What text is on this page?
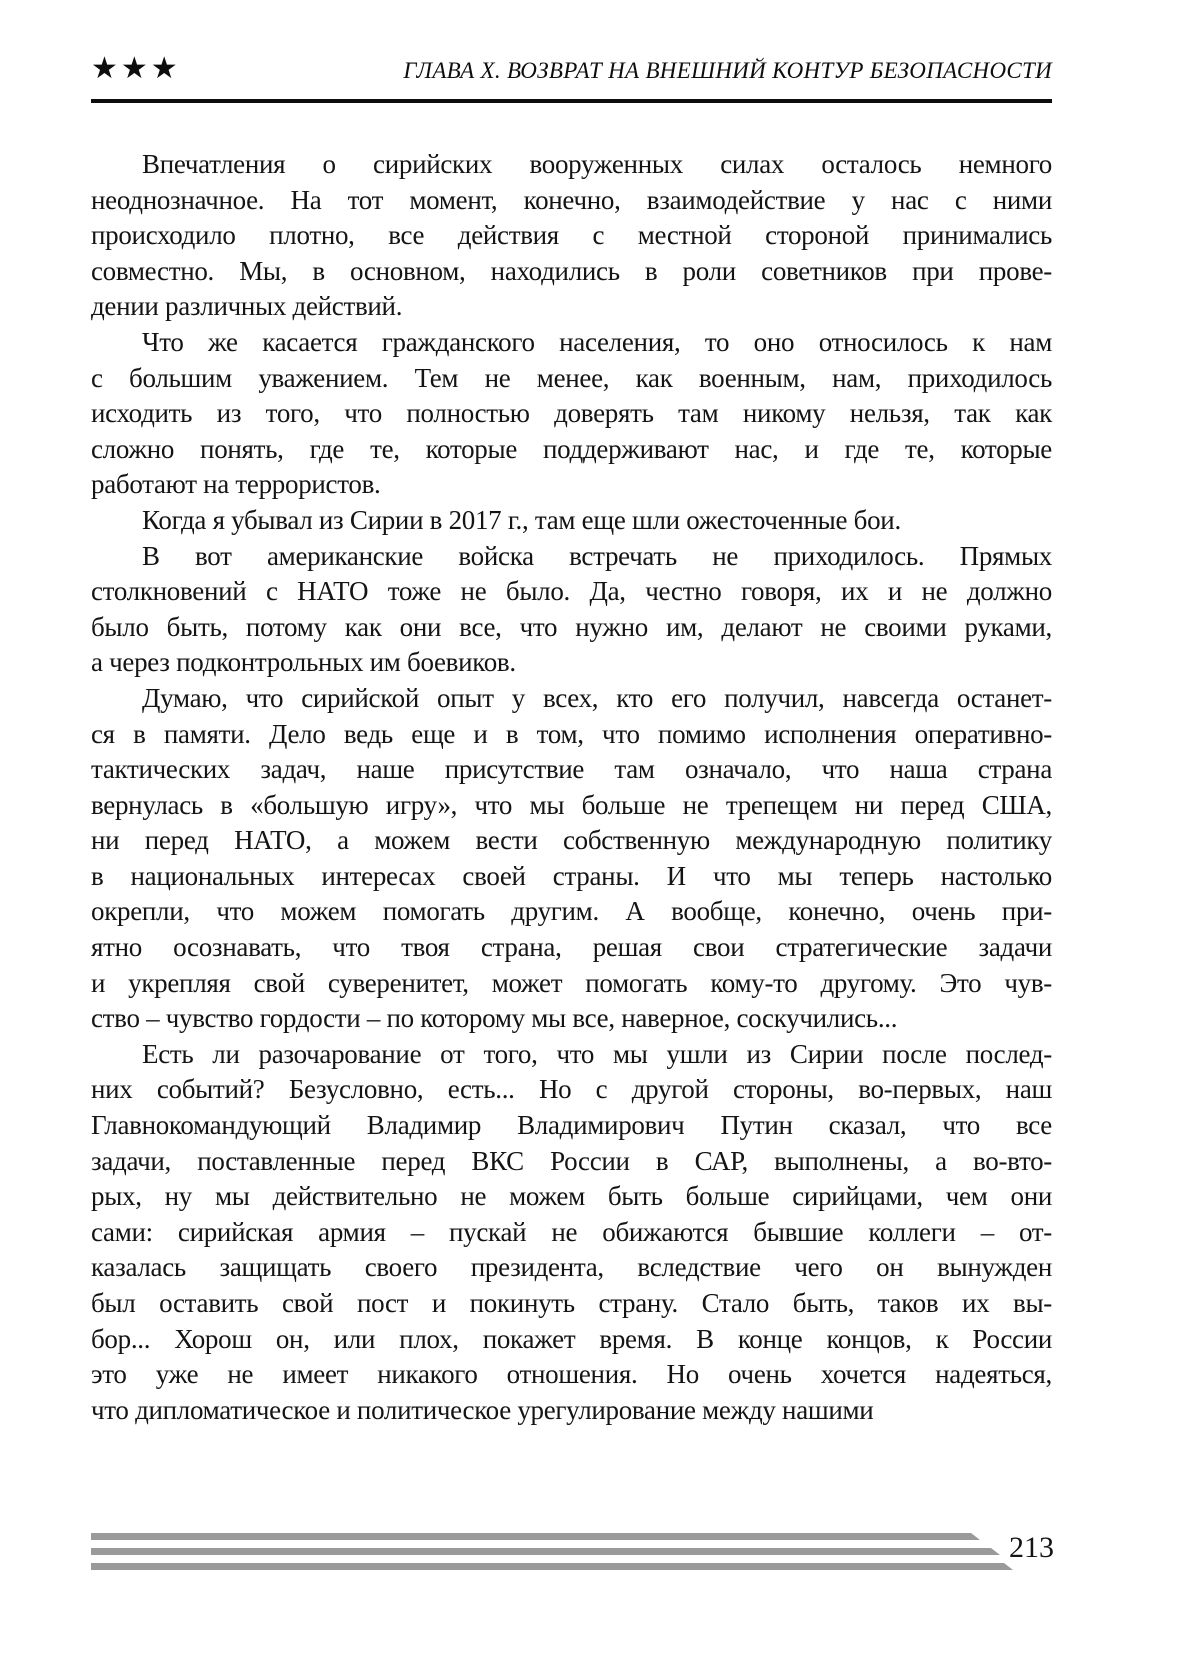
★★★	ГЛАВА X. ВОЗВРАТ НА ВНЕШНИЙ КОНТУР БЕЗОПАСНОСТИ
Впечатления о сирийских вооруженных силах осталось немного
неоднозначное. На тот момент, конечно, взаимодействие у нас с ними
происходило плотно, все действия с местной стороной принимались
совместно. Мы, в основном, находились в роли советников при прове-
дении различных действий.
Что же касается гражданского населения, то оно относилось к нам
с большим уважением. Тем не менее, как военным, нам, приходилось
исходить из того, что полностью доверять там никому нельзя, так как
сложно понять, где те, которые поддерживают нас, и где те, которые
работают на террористов.
Когда я убывал из Сирии в 2017 г., там еще шли ожесточенные бои.
В вот американские войска встречать не приходилось. Прямых
столкновений с НАТО тоже не было. Да, честно говоря, их и не должно
было быть, потому как они все, что нужно им, делают не своими руками,
а через подконтрольных им боевиков.
Думаю, что сирийской опыт у всех, кто его получил, навсегда останет-
ся в памяти. Дело ведь еще и в том, что помимо исполнения оперативно-
тактических задач, наше присутствие там означало, что наша страна
вернулась в «большую игру», что мы больше не трепещем ни перед США,
ни перед НАТО, а можем вести собственную международную политику
в национальных интересах своей страны. И что мы теперь настолько
окрепли, что можем помогать другим. А вообще, конечно, очень при-
ятно осознавать, что твоя страна, решая свои стратегические задачи
и укрепляя свой суверенитет, может помогать кому-то другому. Это чув-
ство – чувство гордости – по которому мы все, наверное, соскучились...
Есть ли разочарование от того, что мы ушли из Сирии после послед-
них событий? Безусловно, есть... Но с другой стороны, во-первых, наш
Главнокомандующий Владимир Владимирович Путин сказал, что все
задачи, поставленные перед ВКС России в САР, выполнены, а во-вто-
рых, ну мы действительно не можем быть больше сирийцами, чем они
сами: сирийская армия – пускай не обижаются бывшие коллеги – от-
казалась защищать своего президента, вследствие чего он вынужден
был оставить свой пост и покинуть страну. Стало быть, таков их вы-
бор... Хорош он, или плох, покажет время. В конце концов, к России
это уже не имеет никакого отношения. Но очень хочется надеяться,
что дипломатическое и политическое урегулирование между нашими
213
